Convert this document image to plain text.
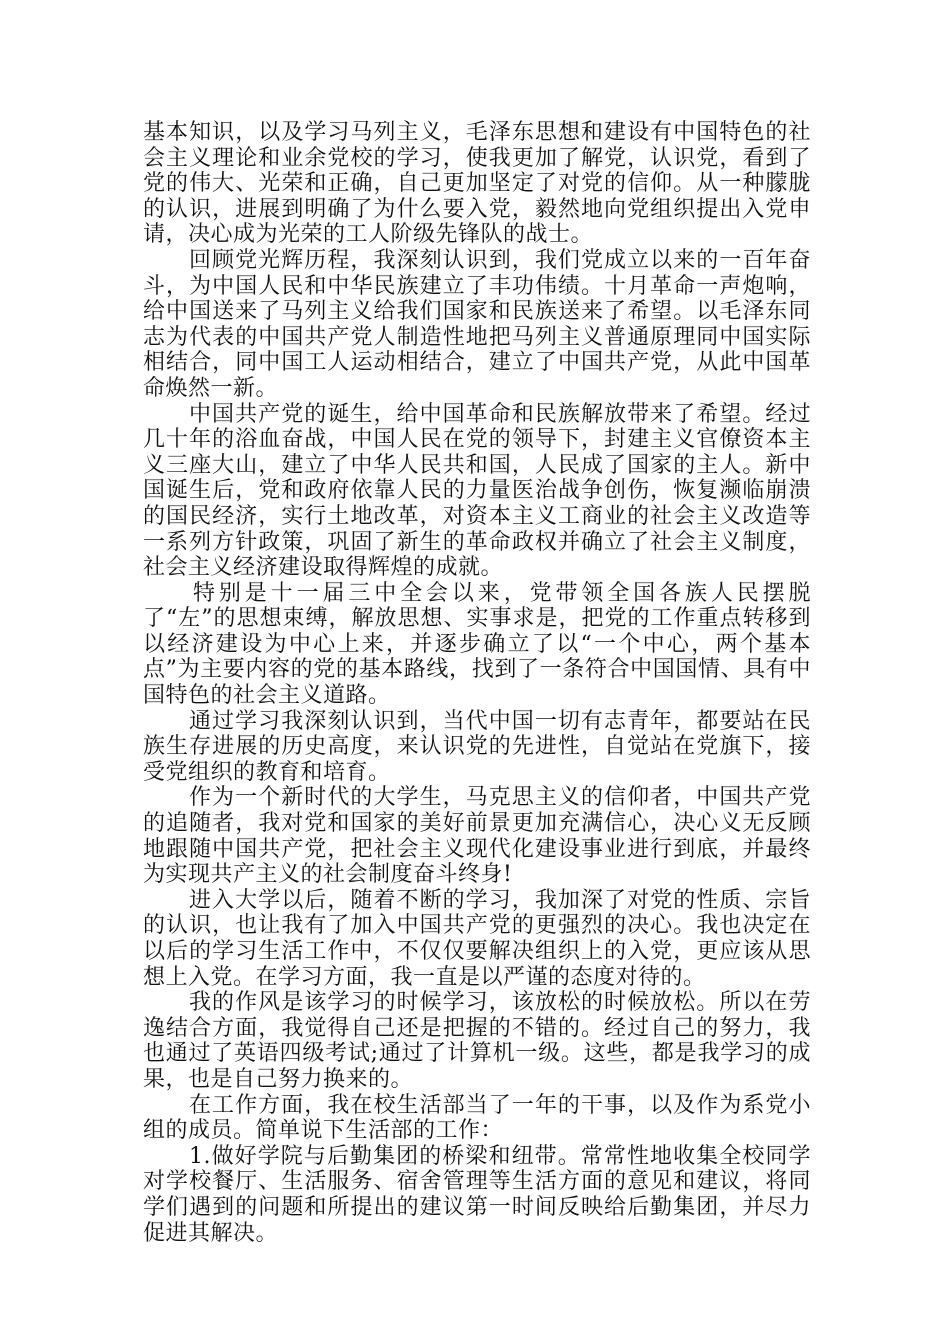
基本知识，以及学习马列主义，毛泽东思想和建设有中国特色的社会主义理论和业余党校的学习，使我更加了解党，认识党，看到了党的伟大、光荣和正确，自己更加坚定了对党的信仰。从一种朦胧的认识，进展到明确了为什么要入党，毅然地向党组织提出入党申请，决心成为光荣的工人阶级先锋队的战士。

回顾党光辉历程，我深刻认识到，我们党成立以来的一百年奋斗，为中国人民和中华民族建立了丰功伟绩。十月革命一声炮响，给中国送来了马列主义给我们国家和民族送来了希望。以毛泽东同志为代表的中国共产党人制造性地把马列主义普通原理同中国实际相结合，同中国工人运动相结合，建立了中国共产党，从此中国革命焕然一新。

中国共产党的诞生，给中国革命和民族解放带来了希望。经过几十年的浴血奋战，中国人民在党的领导下，封建主义官僚资本主义三座大山，建立了中华人民共和国，人民成了国家的主人。新中国诞生后，党和政府依靠人民的力量医治战争创伤，恢复濒临崩溃的国民经济，实行土地改革，对资本主义工商业的社会主义改造等一系列方针政策，巩固了新生的革命政权并确立了社会主义制度，社会主义经济建设取得辉煌的成就。

特别是十一届三中全会以来，党带领全国各族人民摆脱了“左”的思想束缚，解放思想、实事求是，把党的工作重点转移到以经济建设为中心上来，并逐步确立了以“一个中心，两个基本点”为主要内容的党的基本路线，找到了一条符合中国国情、具有中国特色的社会主义道路。

通过学习我深刻认识到，当代中国一切有志青年，都要站在民族生存进展的历史高度，来认识党的先进性，自觉站在党旗下，接受党组织的教育和培育。

作为一个新时代的大学生，马克思主义的信仰者，中国共产党的追随者，我对党和国家的美好前景更加充满信心，决心义无反顾地跟随中国共产党，把社会主义现代化建设事业进行到底，并最终为实现共产主义的社会制度奋斗终身!

进入大学以后，随着不断的学习，我加深了对党的性质、宗旨的认识，也让我有了加入中国共产党的更强烈的决心。我也决定在以后的学习生活工作中，不仅仅要解决组织上的入党，更应该从思想上入党。在学习方面，我一直是以严谨的态度对待的。

我的作风是该学习的时候学习，该放松的时候放松。所以在劳逸结合方面，我觉得自己还是把握的不错的。经过自己的努力，我也通过了英语四级考试;通过了计算机一级。这些，都是我学习的成果，也是自己努力换来的。

在工作方面，我在校生活部当了一年的干事，以及作为系党小组的成员。简单说下生活部的工作：

1.做好学院与后勤集团的桥梁和纽带。常常性地收集全校同学对学校餐厅、生活服务、宿舍管理等生活方面的意见和建议，将同学们遇到的问题和所提出的建议第一时间反映给后勤集团，并尽力促进其解决。
